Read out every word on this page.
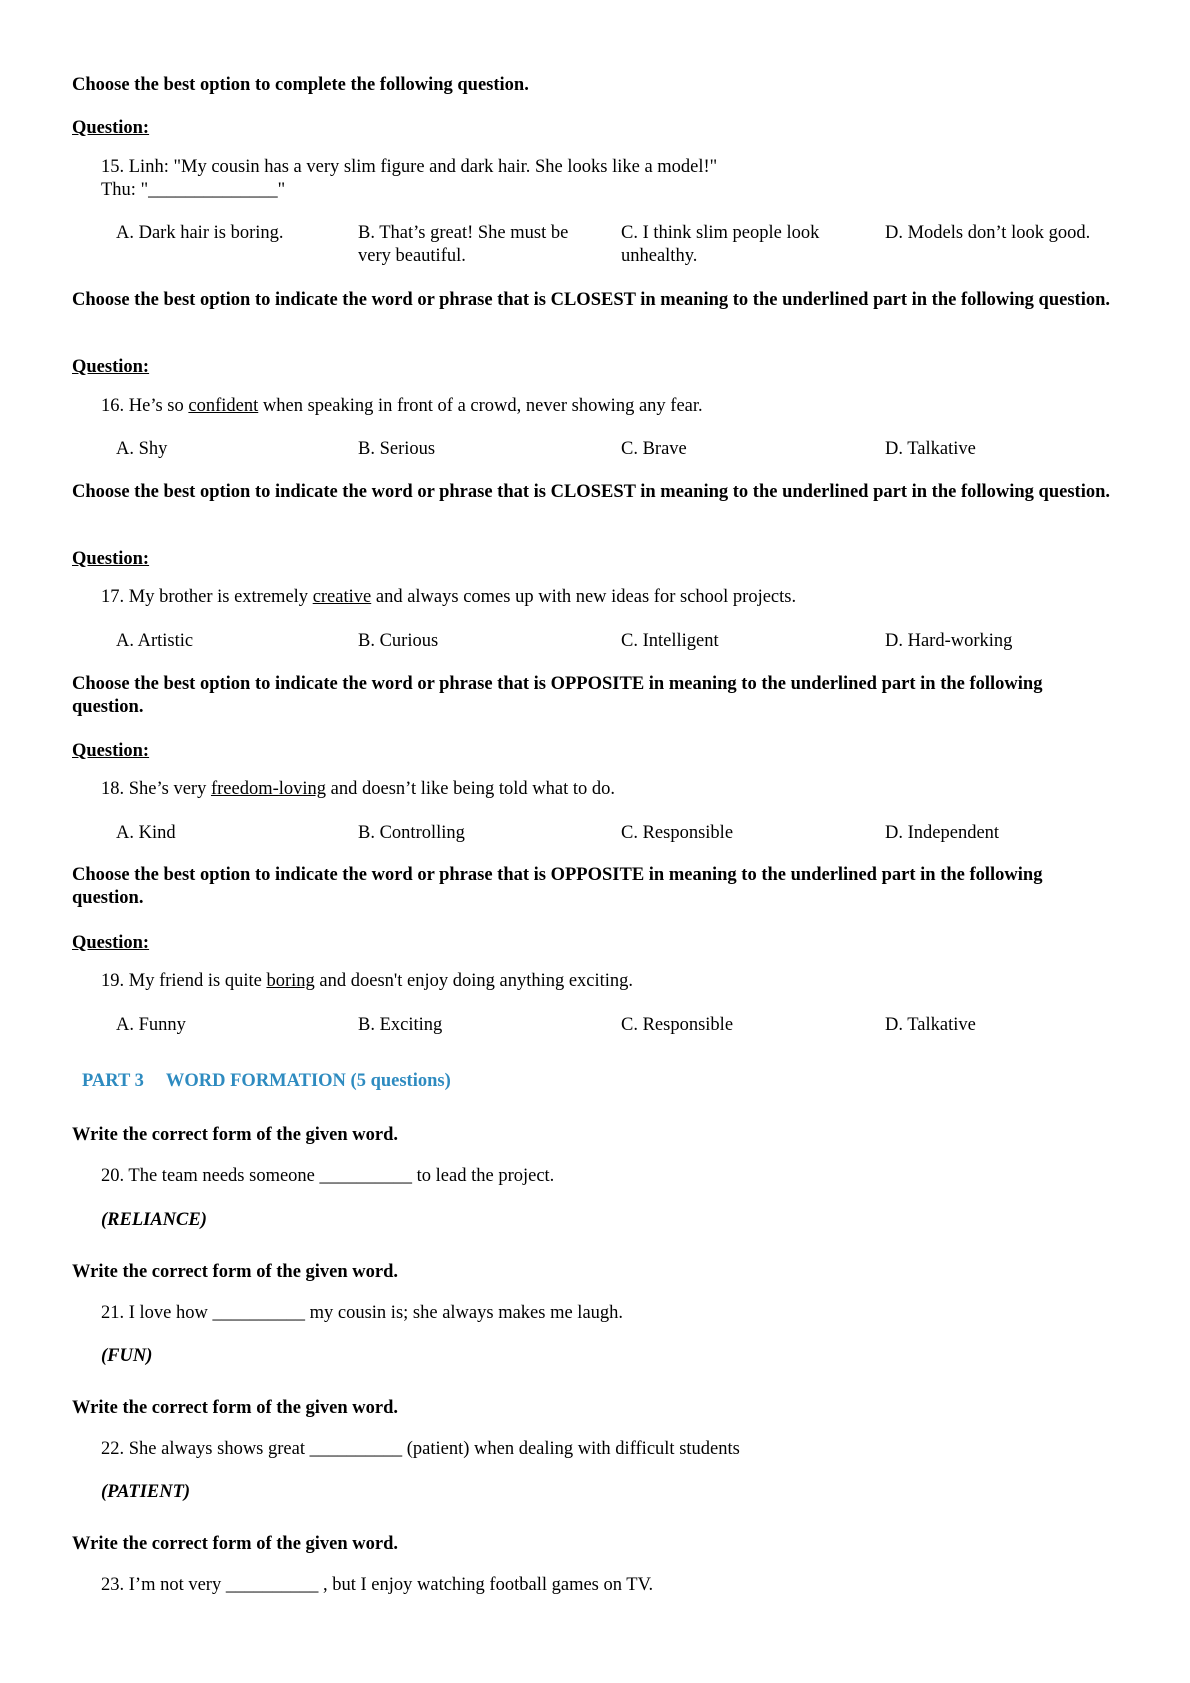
Choose the best option to complete the following question.
Question:
15. Linh: "My cousin has a very slim figure and dark hair. She looks like a model!"
Thu: "______________"
A. Dark hair is boring.	B. That’s great! She must be very beautiful.
C. I think slim people look unhealthy.
D. Models don’t look good.
Choose the best option to indicate the word or phrase that is CLOSEST in meaning to the underlined part in the following question.
Question:
16. He’s so confident when speaking in front of a crowd, never showing any fear.
A. Shy	B. Serious	C. Brave	D. Talkative
Choose the best option to indicate the word or phrase that is CLOSEST in meaning to the underlined part in the following question.
Question:
17. My brother is extremely creative and always comes up with new ideas for school projects.
A. Artistic	B. Curious	C. Intelligent	D. Hard-working
Choose the best option to indicate the word or phrase that is OPPOSITE in meaning to the underlined part in the following question.
Question:
18. She’s very freedom-loving and doesn’t like being told what to do.
A. Kind	B. Controlling	C. Responsible	D. Independent
Choose the best option to indicate the word or phrase that is OPPOSITE in meaning to the underlined part in the following question.
Question:
19. My friend is quite boring and doesn't enjoy doing anything exciting.
A. Funny	B. Exciting	C. Responsible	D. Talkative
PART 3 WORD FORMATION (5 questions)
Write the correct form of the given word.
20. The team needs someone __________ to lead the project.
(RELIANCE)
Write the correct form of the given word.
21. I love how __________ my cousin is; she always makes me laugh.
(FUN)
Write the correct form of the given word.
22. She always shows great __________ (patient) when dealing with difficult students
(PATIENT)
Write the correct form of the given word.
23. I’m not very __________ , but I enjoy watching football games on TV.
